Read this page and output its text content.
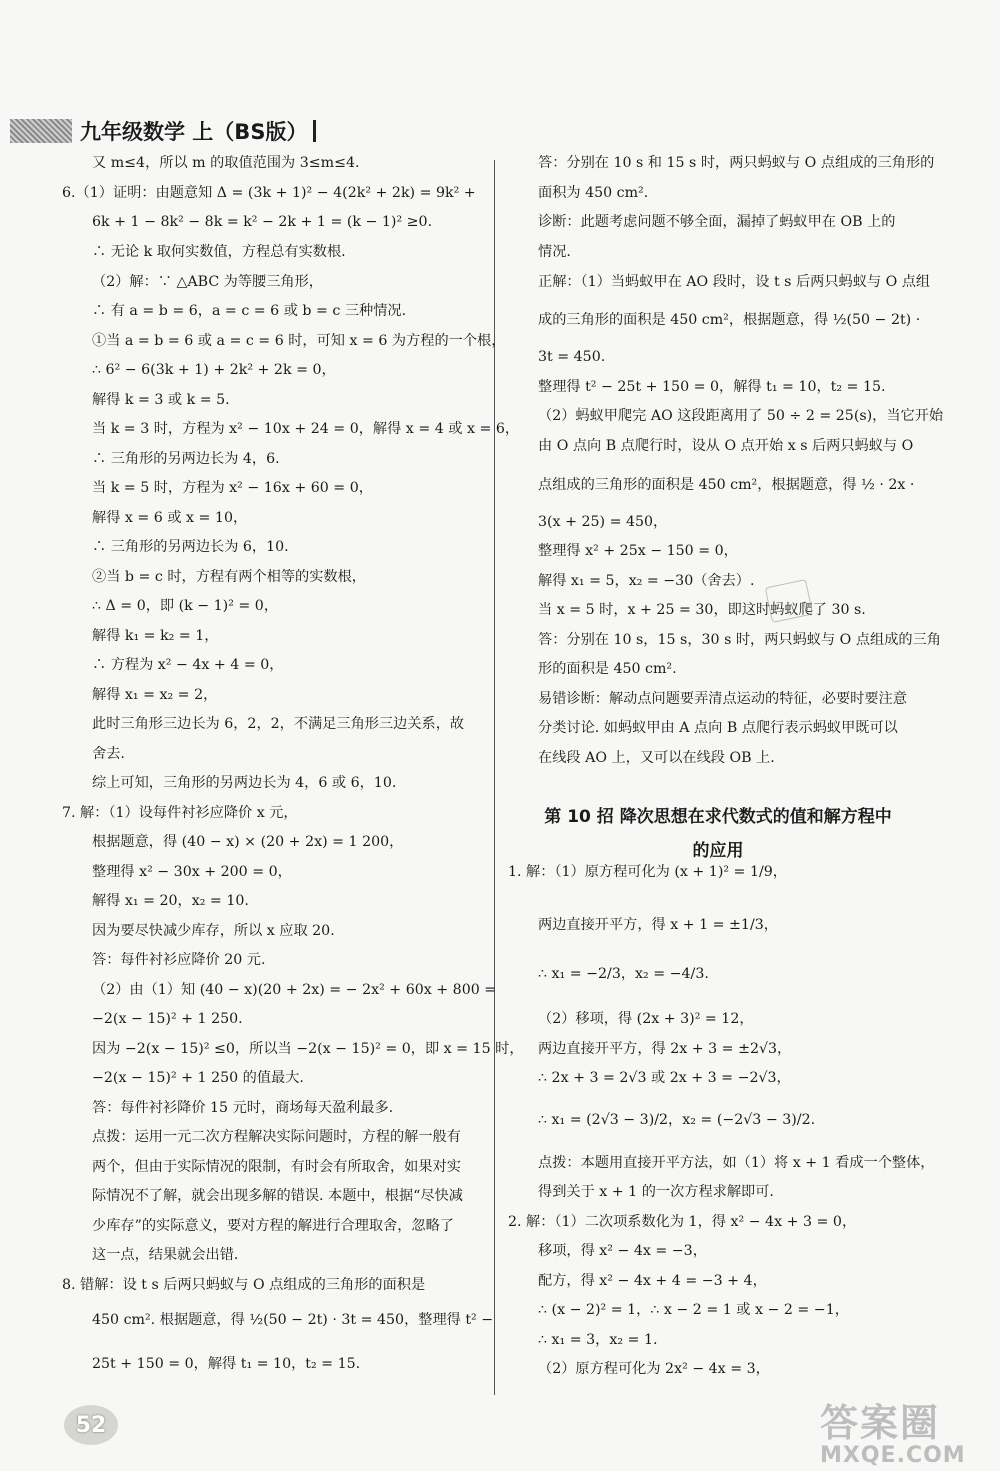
九年级数学 上（BS版）
又 m≤4，所以 m 的取值范围为 3≤m≤4.
6.（1）证明：由题意知 Δ = (3k + 1)² − 4(2k² + 2k) = 9k² +
6k + 1 − 8k² − 8k = k² − 2k + 1 = (k − 1)² ≥0.
∴ 无论 k 取何实数值，方程总有实数根.
（2）解：∵ △ABC 为等腰三角形，
∴ 有 a = b = 6，a = c = 6 或 b = c 三种情况.
①当 a = b = 6 或 a = c = 6 时，可知 x = 6 为方程的一个根，
∴ 6² − 6(3k + 1) + 2k² + 2k = 0，
解得 k = 3 或 k = 5.
当 k = 3 时，方程为 x² − 10x + 24 = 0，解得 x = 4 或 x = 6，
∴ 三角形的另两边长为 4，6.
当 k = 5 时，方程为 x² − 16x + 60 = 0，
解得 x = 6 或 x = 10，
∴ 三角形的另两边长为 6，10.
②当 b = c 时，方程有两个相等的实数根，
∴ Δ = 0，即 (k − 1)² = 0，
解得 k₁ = k₂ = 1，
∴ 方程为 x² − 4x + 4 = 0，
解得 x₁ = x₂ = 2，
此时三角形三边长为 6，2，2，不满足三角形三边关系，故
舍去.
综上可知，三角形的另两边长为 4，6 或 6，10.
7. 解：（1）设每件衬衫应降价 x 元，
根据题意，得 (40 − x) × (20 + 2x) = 1 200，
整理得 x² − 30x + 200 = 0，
解得 x₁ = 20，x₂ = 10.
因为要尽快减少库存，所以 x 应取 20.
答：每件衬衫应降价 20 元.
（2）由（1）知 (40 − x)(20 + 2x) = − 2x² + 60x + 800 =
−2(x − 15)² + 1 250.
因为 −2(x − 15)² ≤0，所以当 −2(x − 15)² = 0，即 x = 15 时，
−2(x − 15)² + 1 250 的值最大.
答：每件衬衫降价 15 元时，商场每天盈利最多.
点拨：运用一元二次方程解决实际问题时，方程的解一般有
两个，但由于实际情况的限制，有时会有所取舍，如果对实
际情况不了解，就会出现多解的错误. 本题中，根据“尽快减
少库存”的实际意义，要对方程的解进行合理取舍，忽略了
这一点，结果就会出错.
8. 错解：设 t s 后两只蚂蚁与 O 点组成的三角形的面积是
450 cm². 根据题意，得 ½(50 − 2t) · 3t = 450，整理得 t² −
25t + 150 = 0，解得 t₁ = 10，t₂ = 15.
答：分别在 10 s 和 15 s 时，两只蚂蚁与 O 点组成的三角形的
面积为 450 cm².
诊断：此题考虑问题不够全面，漏掉了蚂蚁甲在 OB 上的
情况.
正解：（1）当蚂蚁甲在 AO 段时，设 t s 后两只蚂蚁与 O 点组
成的三角形的面积是 450 cm²，根据题意，得 ½(50 − 2t) ·
3t = 450.
整理得 t² − 25t + 150 = 0，解得 t₁ = 10，t₂ = 15.
（2）蚂蚁甲爬完 AO 这段距离用了 50 ÷ 2 = 25(s)，当它开始
由 O 点向 B 点爬行时，设从 O 点开始 x s 后两只蚂蚁与 O
点组成的三角形的面积是 450 cm²，根据题意，得 ½ · 2x ·
3(x + 25) = 450，
整理得 x² + 25x − 150 = 0，
解得 x₁ = 5，x₂ = −30（舍去）.
当 x = 5 时，x + 25 = 30，即这时蚂蚁爬了 30 s.
答：分别在 10 s，15 s，30 s 时，两只蚂蚁与 O 点组成的三角
形的面积是 450 cm².
易错诊断：解动点问题要弄清点运动的特征，必要时要注意
分类讨论. 如蚂蚁甲由 A 点向 B 点爬行表示蚂蚁甲既可以
在线段 AO 上，又可以在线段 OB 上.
1. 解：（1）原方程可化为 (x + 1)² = 1/9，
两边直接开平方，得 x + 1 = ±1/3，
∴ x₁ = −2/3，x₂ = −4/3.
（2）移项，得 (2x + 3)² = 12，
两边直接开平方，得 2x + 3 = ±2√3，
∴ 2x + 3 = 2√3 或 2x + 3 = −2√3，
∴ x₁ = (2√3 − 3)/2，x₂ = (−2√3 − 3)/2.
点拨：本题用直接开平方法，如（1）将 x + 1 看成一个整体，
得到关于 x + 1 的一次方程求解即可.
2. 解：（1）二次项系数化为 1，得 x² − 4x + 3 = 0，
移项，得 x² − 4x = −3，
配方，得 x² − 4x + 4 = −3 + 4，
∴ (x − 2)² = 1，∴ x − 2 = 1 或 x − 2 = −1，
∴ x₁ = 3，x₂ = 1.
（2）原方程可化为 2x² − 4x = 3，
第 10 招 降次思想在求代数式的值和解方程中
的应用
52	答案圈
MXQE.COM
